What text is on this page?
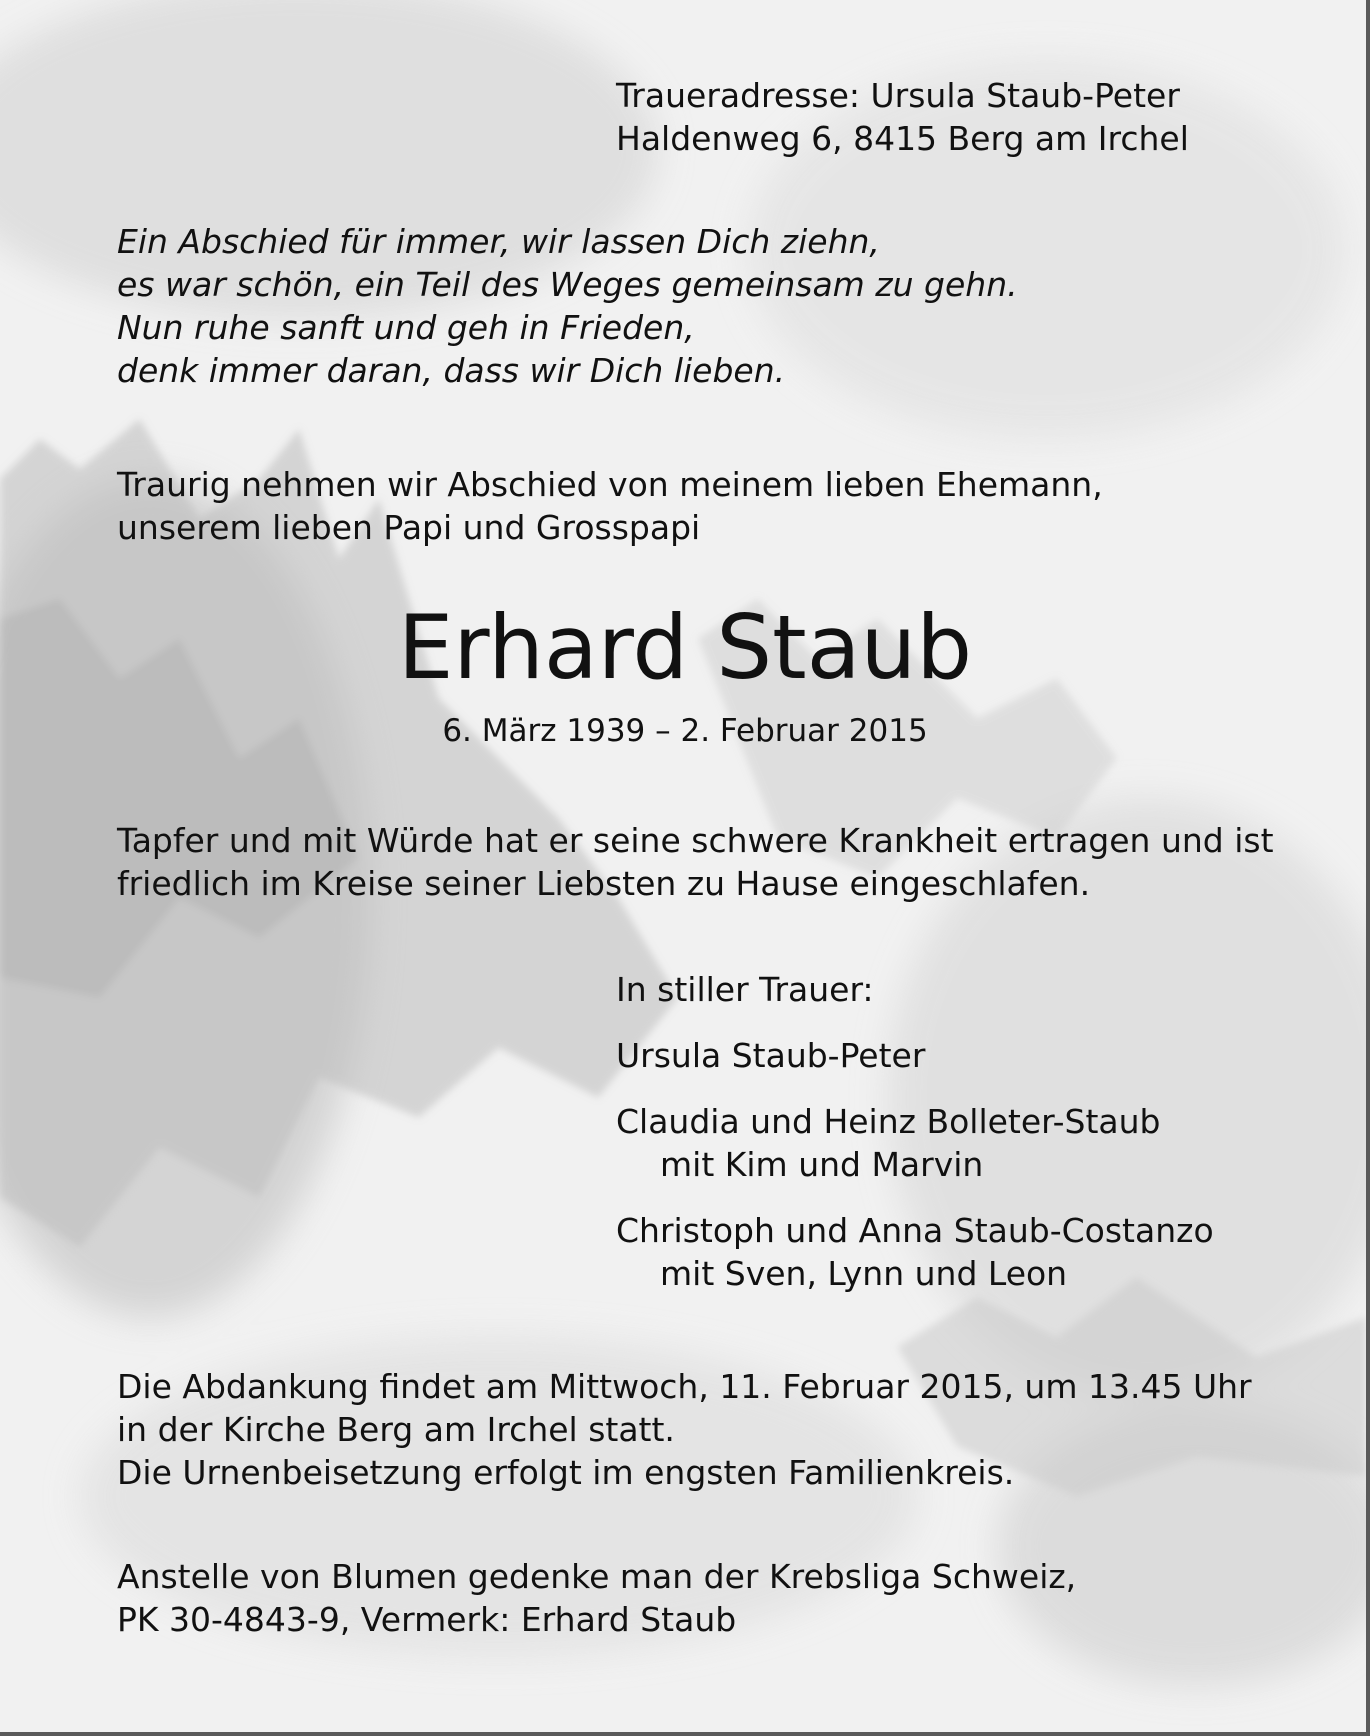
Traueradresse: Ursula Staub-Peter
Haldenweg 6, 8415 Berg am Irchel
Ein Abschied für immer, wir lassen Dich ziehn,
es war schön, ein Teil des Weges gemeinsam zu gehn.
Nun ruhe sanft und geh in Frieden,
denk immer daran, dass wir Dich lieben.
Traurig nehmen wir Abschied von meinem lieben Ehemann,
unserem lieben Papi und Grosspapi
Erhard Staub
6. März 1939 – 2. Februar 2015
Tapfer und mit Würde hat er seine schwere Krankheit ertragen und ist
friedlich im Kreise seiner Liebsten zu Hause eingeschlafen.
In stiller Trauer:
Ursula Staub-Peter
Claudia und Heinz Bolleter-Staub
mit Kim und Marvin
Christoph und Anna Staub-Costanzo
mit Sven, Lynn und Leon
Die Abdankung findet am Mittwoch, 11. Februar 2015, um 13.45 Uhr
in der Kirche Berg am Irchel statt.
Die Urnenbeisetzung erfolgt im engsten Familienkreis.
Anstelle von Blumen gedenke man der Krebsliga Schweiz,
PK 30-4843-9, Vermerk: Erhard Staub
